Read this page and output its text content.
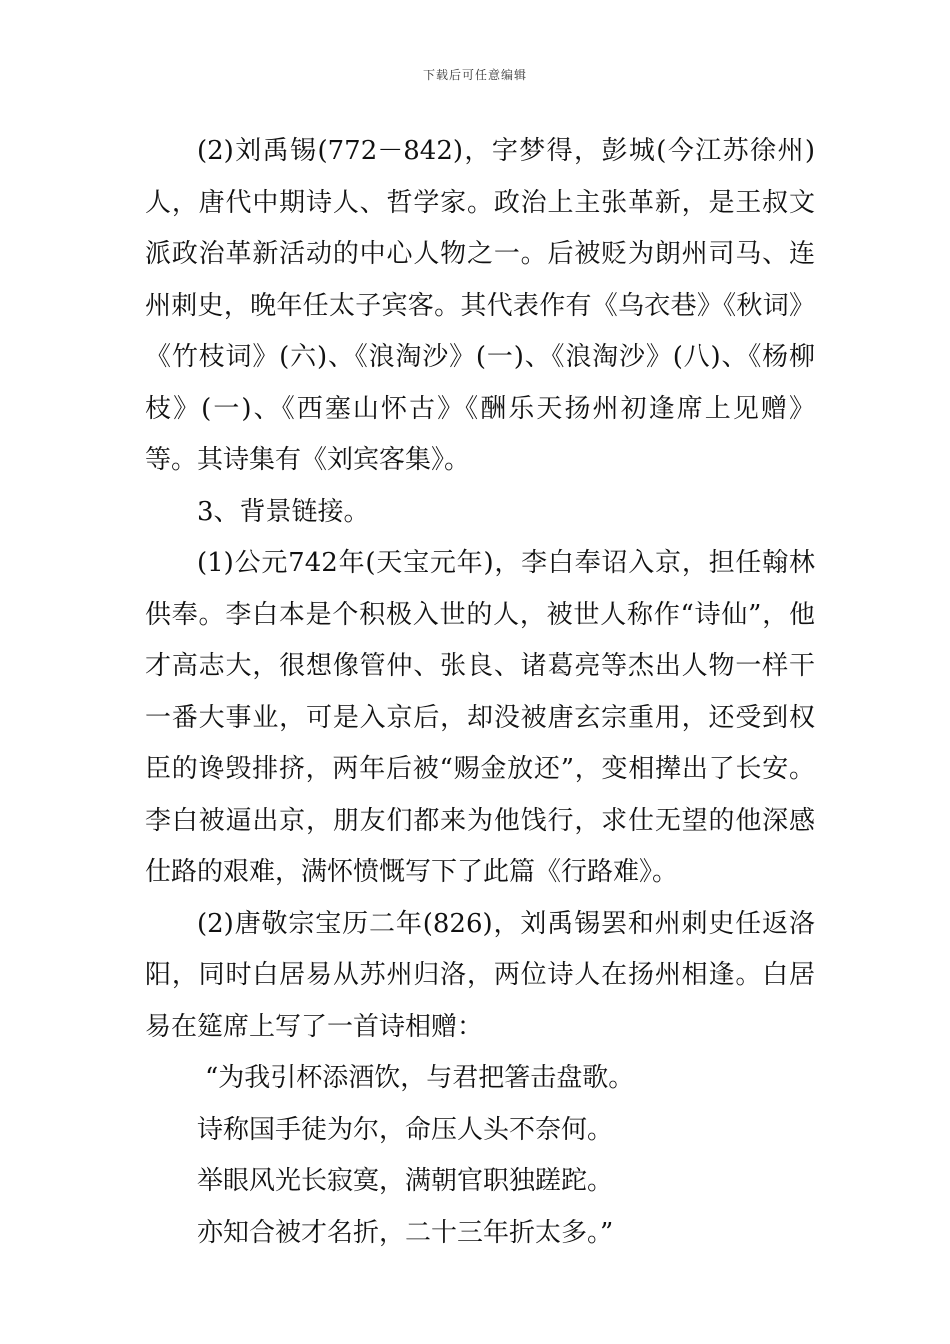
下载后可任意编辑

(2)刘禹锡(772－842)，字梦得，彭城(今江苏徐州)人，唐代中期诗人、哲学家。政治上主张革新，是王叔文派政治革新活动的中心人物之一。后被贬为朗州司马、连州刺史，晚年任太子宾客。其代表作有《乌衣巷》《秋词》《竹枝词》(六)、《浪淘沙》(一)、《浪淘沙》(八)、《杨柳枝》(一)、《西塞山怀古》《酬乐天扬州初逢席上见赠》等。其诗集有《刘宾客集》。

3、背景链接。

(1)公元742年(天宝元年)，李白奉诏入京，担任翰林供奉。李白本是个积极入世的人，被世人称作“诗仙”，他才高志大，很想像管仲、张良、诸葛亮等杰出人物一样干一番大事业，可是入京后，却没被唐玄宗重用，还受到权臣的谗毁排挤，两年后被“赐金放还”，变相撵出了长安。李白被逼出京，朋友们都来为他饯行，求仕无望的他深感仕路的艰难，满怀愤慨写下了此篇《行路难》。

(2)唐敬宗宝历二年(826)，刘禹锡罢和州刺史任返洛阳，同时白居易从苏州归洛，两位诗人在扬州相逢。白居易在筵席上写了一首诗相赠：

“为我引杯添酒饮，与君把箸击盘歌。

诗称国手徒为尔，命压人头不奈何。

举眼风光长寂寞，满朝官职独蹉跎。

亦知合被才名折，二十三年折太多。”
